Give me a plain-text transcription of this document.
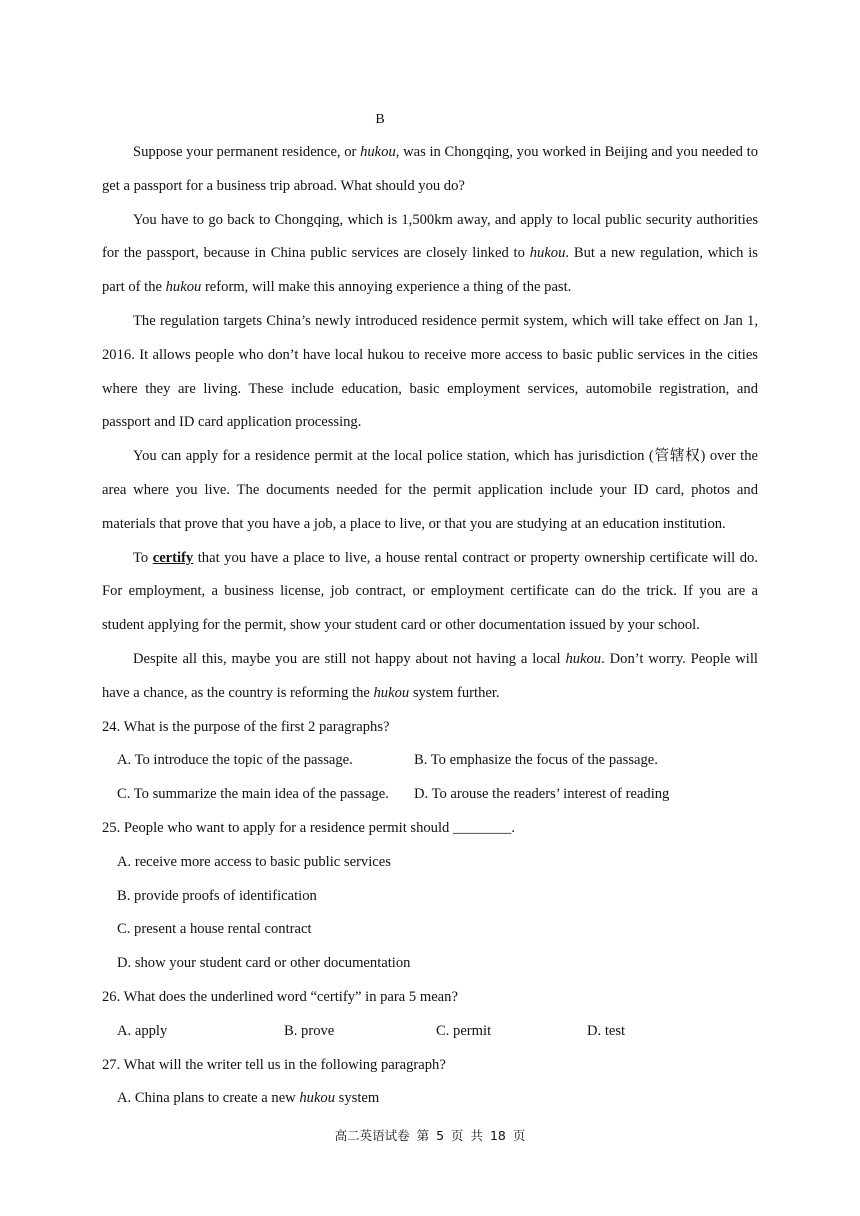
B

Suppose your permanent residence, or hukou, was in Chongqing, you worked in Beijing and you needed to get a passport for a business trip abroad. What should you do?

You have to go back to Chongqing, which is 1,500km away, and apply to local public security authorities for the passport, because in China public services are closely linked to hukou. But a new regulation, which is part of the hukou reform, will make this annoying experience a thing of the past.

The regulation targets China’s newly introduced residence permit system, which will take effect on Jan 1, 2016. It allows people who don’t have local hukou to receive more access to basic public services in the cities where they are living. These include education, basic employment services, automobile registration, and passport and ID card application processing.

You can apply for a residence permit at the local police station, which has jurisdiction (管辖权) over the area where you live. The documents needed for the permit application include your ID card, photos and materials that prove that you have a job, a place to live, or that you are studying at an education institution.

To certify that you have a place to live, a house rental contract or property ownership certificate will do. For employment, a business license, job contract, or employment certificate can do the trick. If you are a student applying for the permit, show your student card or other documentation issued by your school.

Despite all this, maybe you are still not happy about not having a local hukou. Don’t worry. People will have a chance, as the country is reforming the hukou system further.

24. What is the purpose of the first 2 paragraphs?

A. To introduce the topic of the passage.	B. To emphasize the focus of the passage.

C. To summarize the main idea of the passage. D. To arouse the readers’ interest of reading

25. People who want to apply for a residence permit should ________.

A. receive more access to basic public services

B. provide proofs of identification

C. present a house rental contract

D. show your student card or other documentation

26. What does the underlined word “certify” in para 5 mean?

A. apply	B. prove	C. permit	D. test

27. What will the writer tell us in the following paragraph?

A. China plans to create a new hukou system

高二英语试卷 第 5 页 共 18 页
